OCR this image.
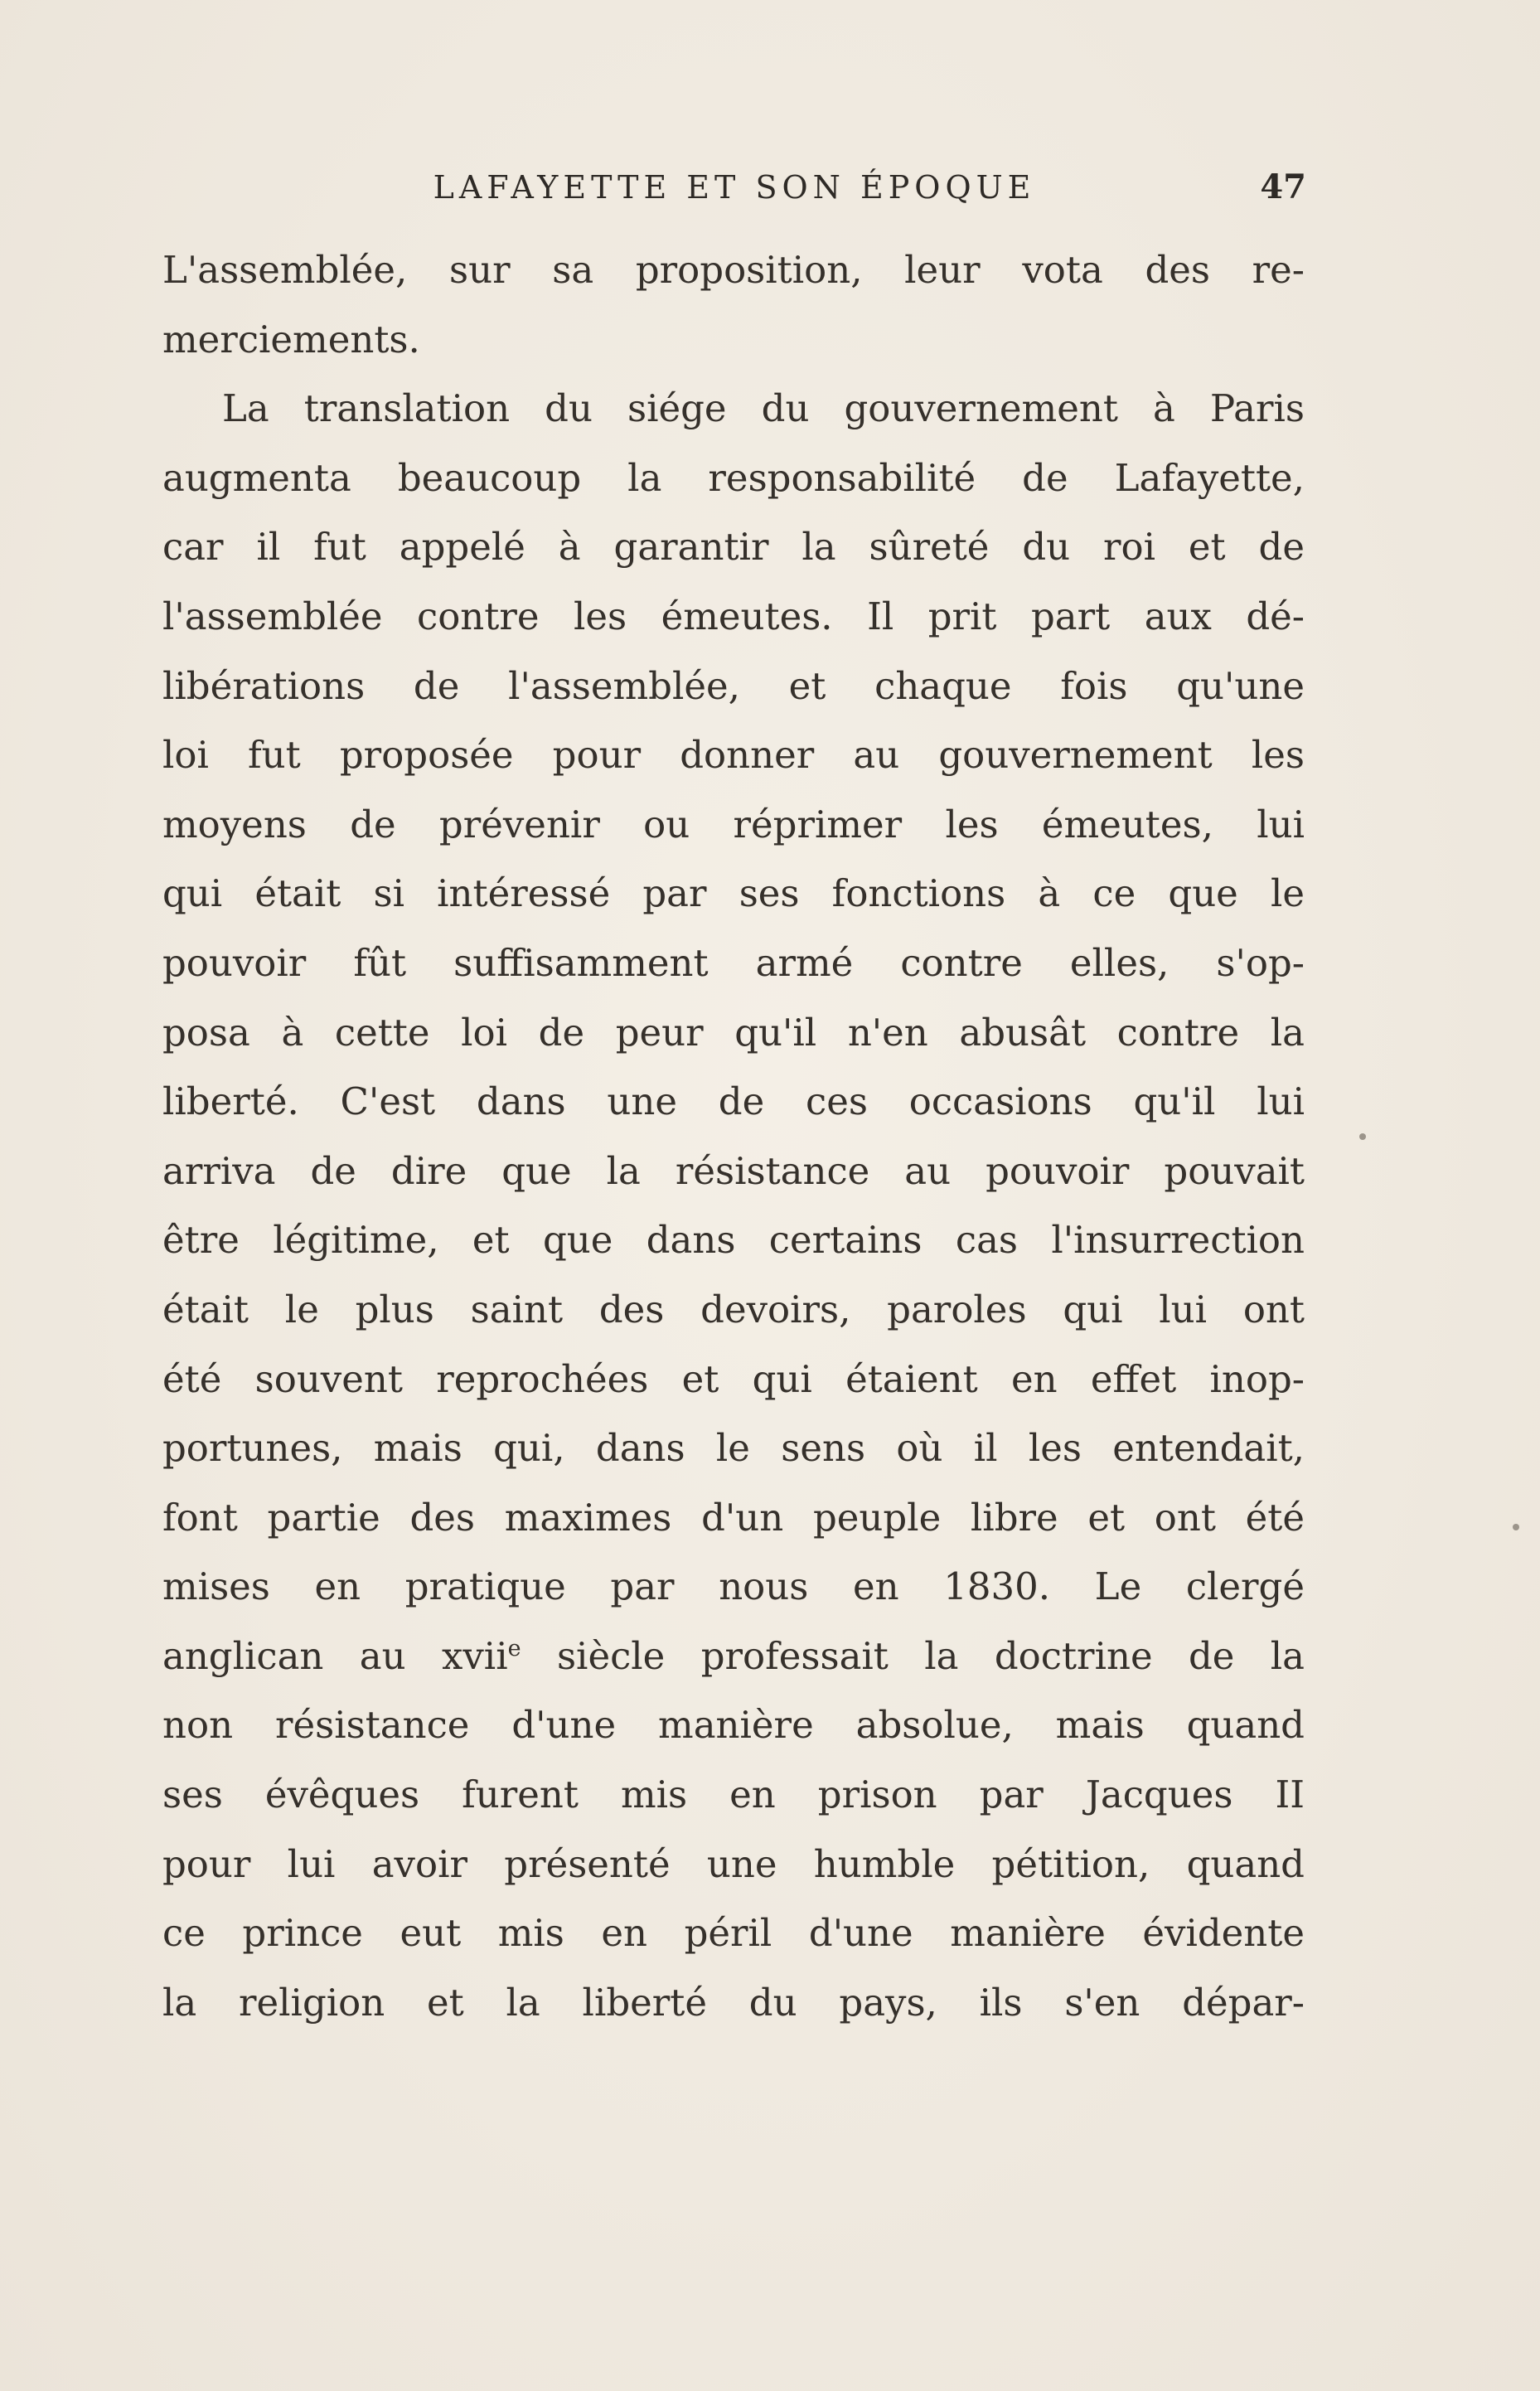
LAFAYETTE ET SON ÉPOQUE	47
L'assemblée, sur sa proposition, leur vota des re-
merciements.
La translation du siége du gouvernement à Paris
augmenta beaucoup la responsabilité de Lafayette,
car il fut appelé à garantir la sûreté du roi et de
l'assemblée contre les émeutes. Il prit part aux dé-
libérations de l'assemblée, et chaque fois qu'une
loi fut proposée pour donner au gouvernement les
moyens de prévenir ou réprimer les émeutes, lui
qui était si intéressé par ses fonctions à ce que le
pouvoir fût suffisamment armé contre elles, s'op-
posa à cette loi de peur qu'il n'en abusât contre la
liberté. C'est dans une de ces occasions qu'il lui
arriva de dire que la résistance au pouvoir pouvait
être légitime, et que dans certains cas l'insurrection
était le plus saint des devoirs, paroles qui lui ont
été souvent reprochées et qui étaient en effet inop-
portunes, mais qui, dans le sens où il les entendait,
font partie des maximes d'un peuple libre et ont été
mises en pratique par nous en 1830. Le clergé
anglican au xvii$^e$ siècle professait la doctrine de la
non résistance d'une manière absolue, mais quand
ses évêques furent mis en prison par Jacques II
pour lui avoir présenté une humble pétition, quand
ce prince eut mis en péril d'une manière évidente
la religion et la liberté du pays, ils s'en dépar-
